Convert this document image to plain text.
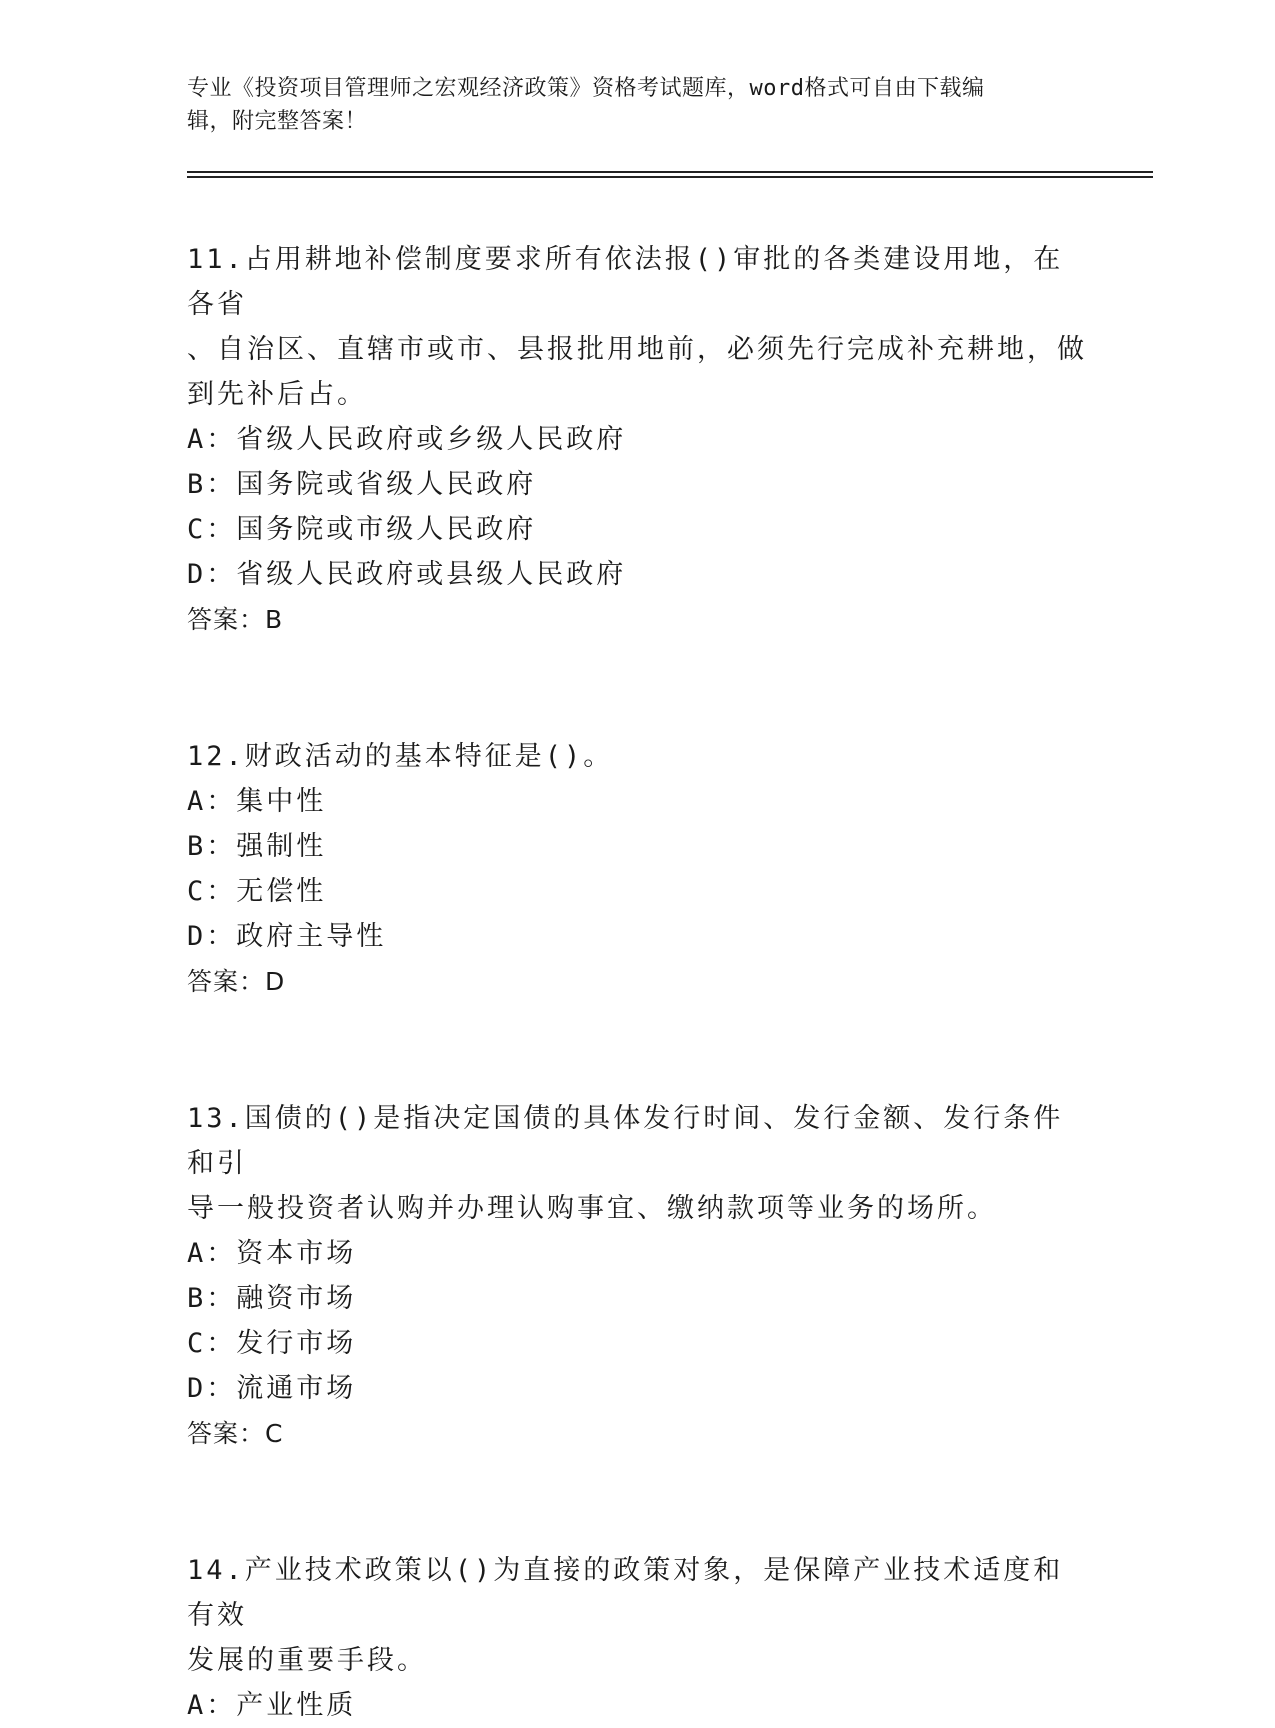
专业《投资项目管理师之宏观经济政策》资格考试题库，word格式可自由下载编
辑，附完整答案！
11.占用耕地补偿制度要求所有依法报()审批的各类建设用地，在各省
、自治区、直辖市或市、县报批用地前，必须先行完成补充耕地，做
到先补后占。
A：省级人民政府或乡级人民政府
B：国务院或省级人民政府
C：国务院或市级人民政府
D：省级人民政府或县级人民政府
答案：B
12.财政活动的基本特征是()。
A：集中性
B：强制性
C：无偿性
D：政府主导性
答案：D
13.国债的()是指决定国债的具体发行时间、发行金额、发行条件和引
导一般投资者认购并办理认购事宜、缴纳款项等业务的场所。
A：资本市场
B：融资市场
C：发行市场
D：流通市场
答案：C
14.产业技术政策以()为直接的政策对象，是保障产业技术适度和有效
发展的重要手段。
A：产业性质
